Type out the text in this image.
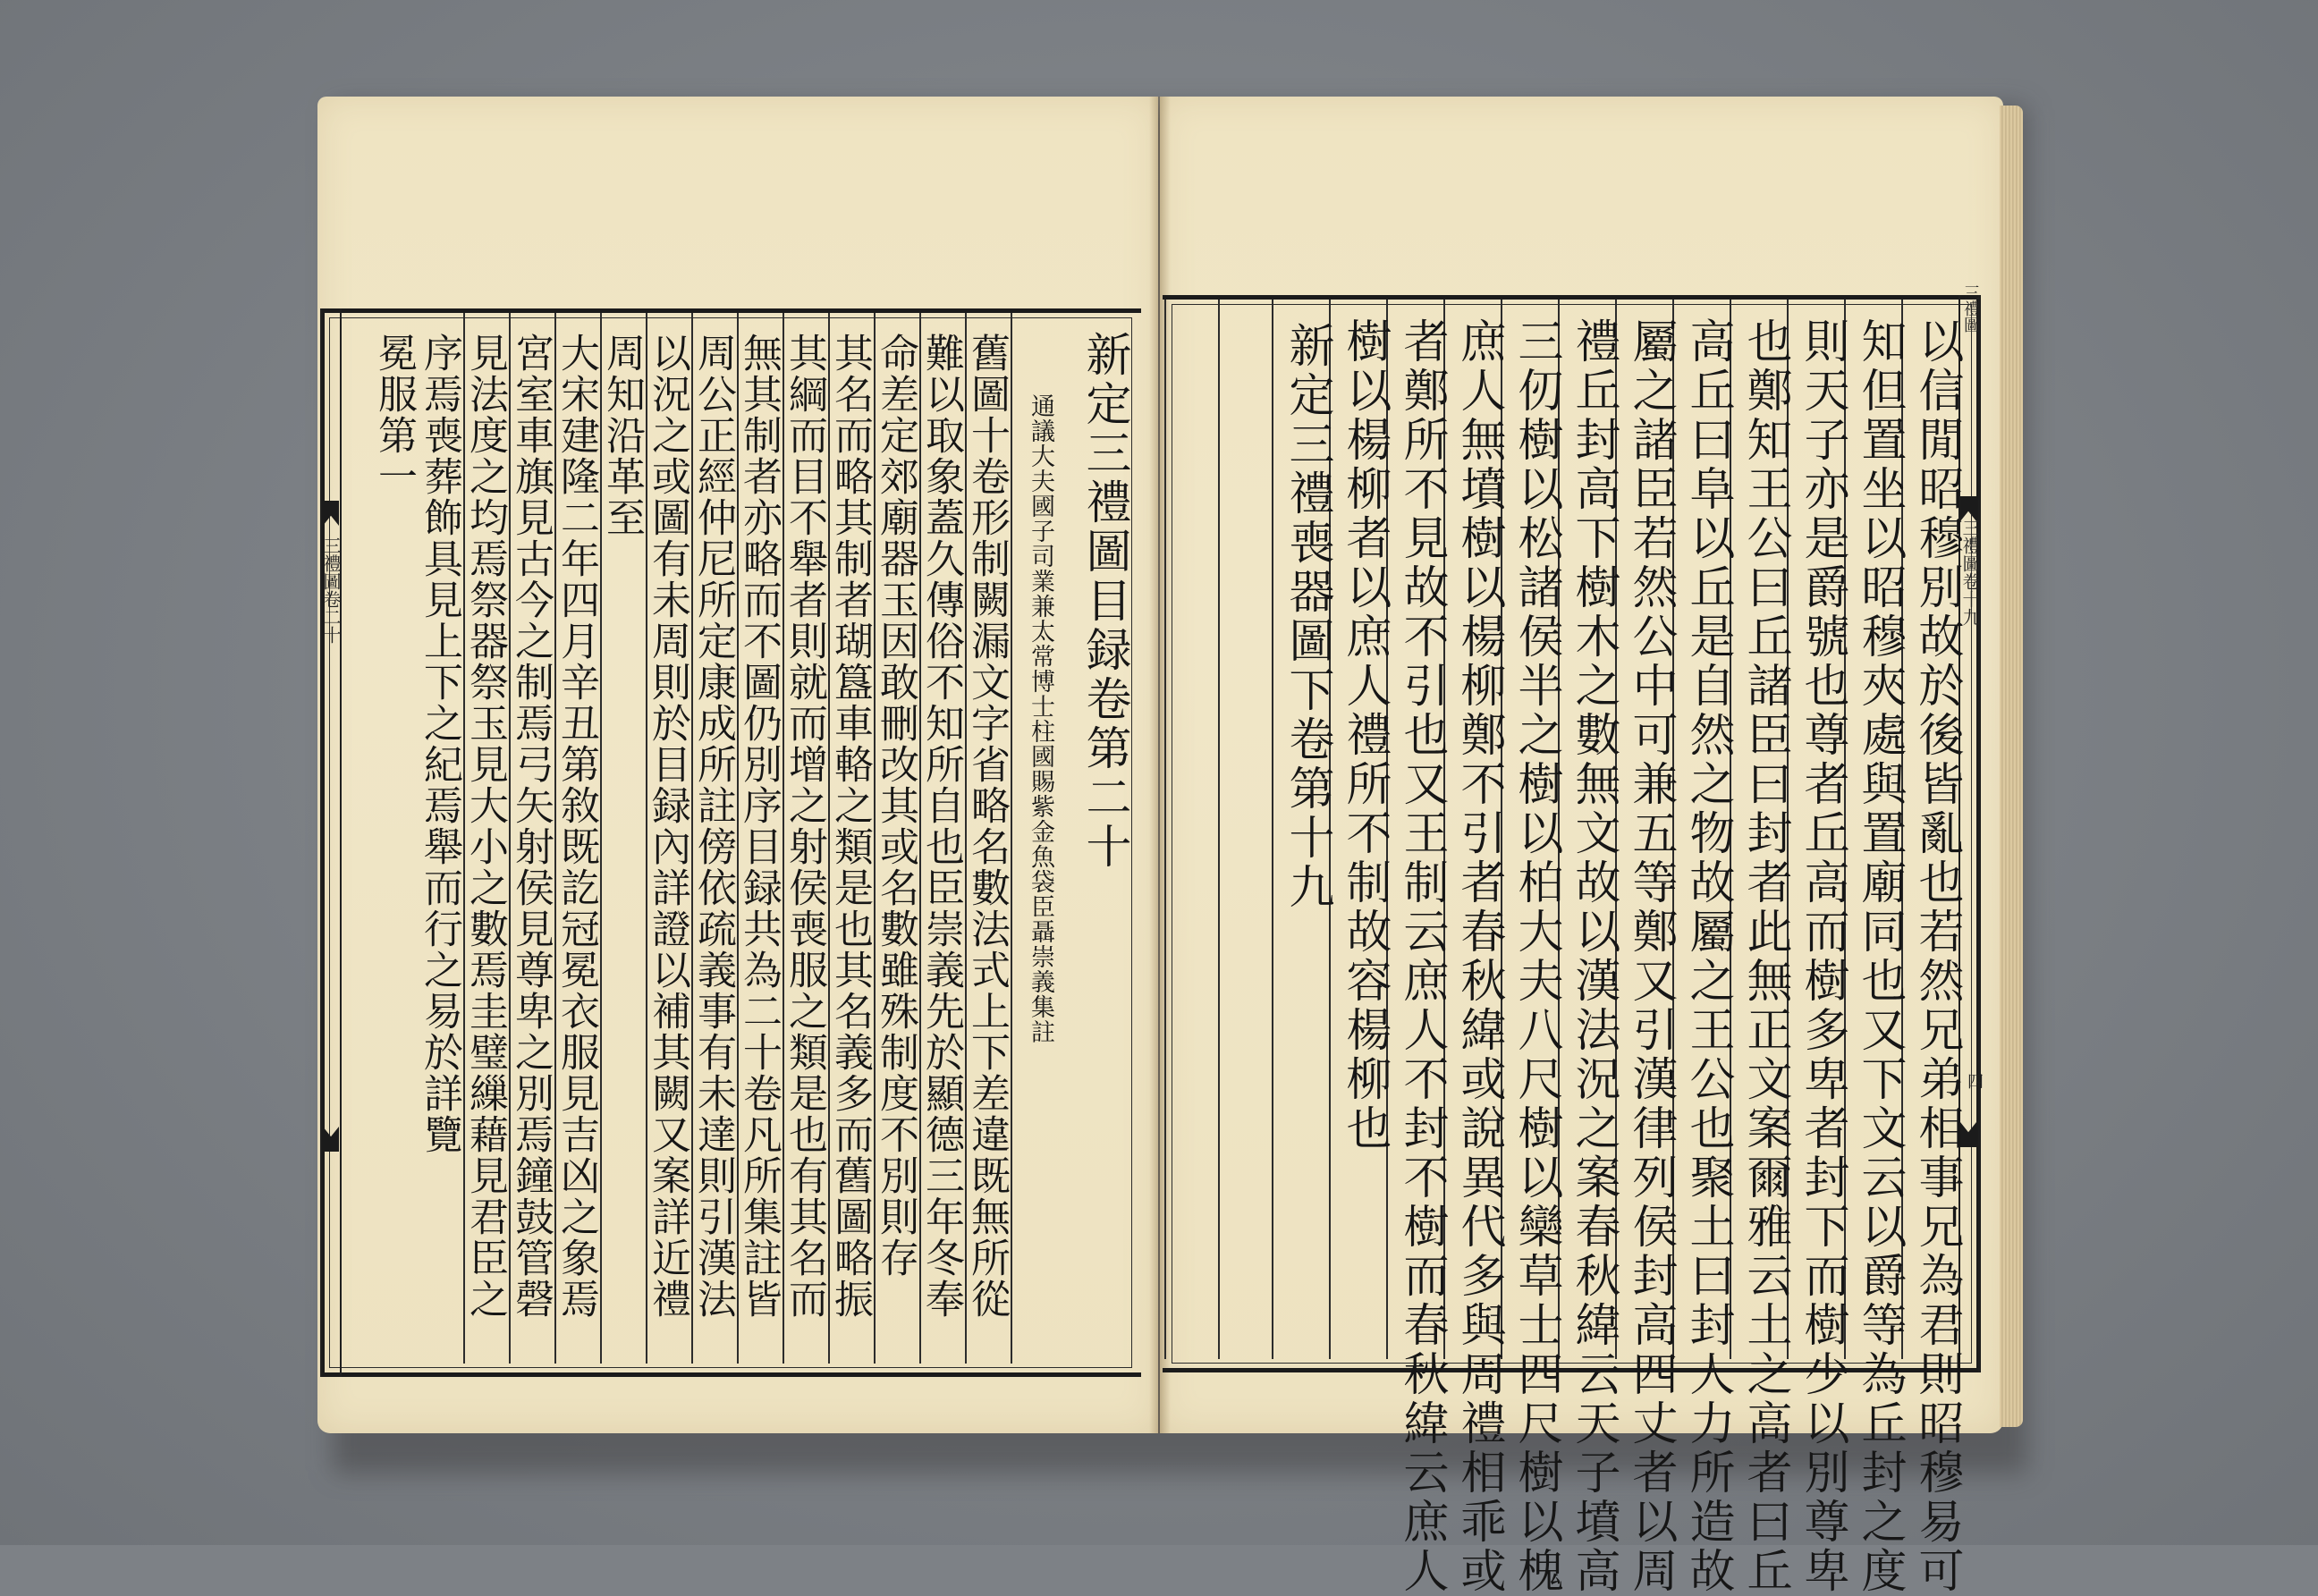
三禮圖卷二十	新定三禮圖目録卷第二十
通議大夫國子司業兼太常博士柱國賜紫金魚袋臣聶崇義集註
三禮圖
三禮圖卷十九
四
以信閒昭穆別故於後皆亂也若然兄弟相事兄為君則昭穆易可
知但置坐以昭穆夾處與置廟同也又下文云以爵等為丘封之度
則天子亦是爵號也尊者丘高而樹多卑者封下而樹少以別尊卑
也鄭知王公曰丘諸臣曰封者此無正文案爾雅云土之高者曰丘
高丘曰阜以丘是自然之物故屬之王公也聚土曰封人力所造故
屬之諸臣若然公中可兼五等鄭又引漢律列侯封高四丈者以周
禮丘封高下樹木之數無文故以漢法況之案春秋緯云天子墳高
三仞樹以松諸侯半之樹以柏大夫八尺樹以欒草士四尺樹以槐
庶人無墳樹以楊柳鄭不引者春秋緯或說異代多與周禮相乖或
者鄭所不見故不引也又王制云庶人不封不樹而春秋緯云庶人
樹以楊柳者以庶人禮所不制故容楊柳也
新定三禮喪器圖下卷第十九
舊圖十卷形制闕漏文字省略名數法式上下差違既無所從
難以取象蓋久傳俗不知所自也臣崇義先於顯德三年冬奉
命差定郊廟器玉因敢刪改其或名數雖殊制度不別則存
其名而略其制者瑚簋車輅之類是也其名義多而舊圖略振
其綱而目不舉者則就而增之射侯喪服之類是也有其名而
無其制者亦略而不圖仍別序目録共為二十卷凡所集註皆
周公正經仲尼所定康成所註傍依疏義事有未達則引漢法
以況之或圖有未周則於目録內詳證以補其闕又案詳近禮
周知沿革至
大宋建隆二年四月辛丑第敘既訖冠冕衣服見吉凶之象焉
宮室車旗見古今之制焉弓矢射侯見尊卑之別焉鐘鼓管磬
見法度之均焉祭器祭玉見大小之數焉圭璧繅藉見君臣之
序焉喪葬飾具見上下之紀焉舉而行之易於詳覽
冕服第一
